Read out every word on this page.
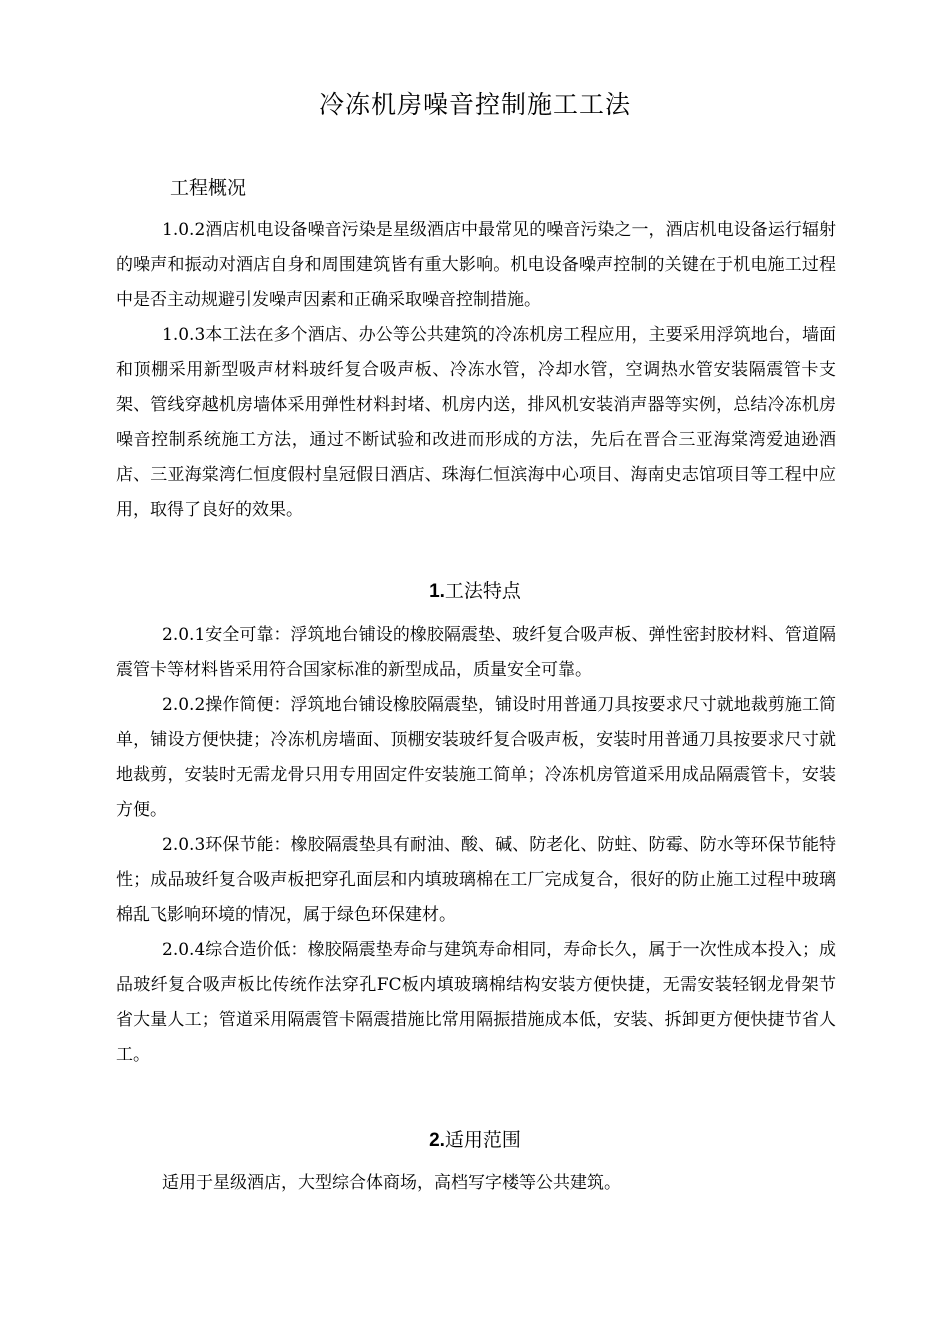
冷冻机房噪音控制施工工法
工程概况

1.0.2酒店机电设备噪音污染是星级酒店中最常见的噪音污染之一，酒店机电设备运行辐射的噪声和振动对酒店自身和周围建筑皆有重大影响。机电设备噪声控制的关键在于机电施工过程中是否主动规避引发噪声因素和正确采取噪音控制措施。

1.0.3本工法在多个酒店、办公等公共建筑的冷冻机房工程应用，主要采用浮筑地台，墙面和顶棚采用新型吸声材料玻纤复合吸声板、冷冻水管，冷却水管，空调热水管安装隔震管卡支架、管线穿越机房墙体采用弹性材料封堵、机房内送，排风机安装消声器等实例，总结冷冻机房噪音控制系统施工方法，通过不断试验和改进而形成的方法，先后在晋合三亚海棠湾爱迪逊酒店、三亚海棠湾仁恒度假村皇冠假日酒店、珠海仁恒滨海中心项目、海南史志馆项目等工程中应用，取得了良好的效果。

1.工法特点

2.0.1安全可靠：浮筑地台铺设的橡胶隔震垫、玻纤复合吸声板、弹性密封胶材料、管道隔震管卡等材料皆采用符合国家标准的新型成品，质量安全可靠。

2.0.2操作简便：浮筑地台铺设橡胶隔震垫，铺设时用普通刀具按要求尺寸就地裁剪施工简单，铺设方便快捷；冷冻机房墙面、顶棚安装玻纤复合吸声板，安装时用普通刀具按要求尺寸就地裁剪，安装时无需龙骨只用专用固定件安装施工简单；冷冻机房管道采用成品隔震管卡，安装方便。

2.0.3环保节能：橡胶隔震垫具有耐油、酸、碱、防老化、防蛀、防霉、防水等环保节能特性；成品玻纤复合吸声板把穿孔面层和内填玻璃棉在工厂完成复合，很好的防止施工过程中玻璃棉乱飞影响环境的情况，属于绿色环保建材。

2.0.4综合造价低：橡胶隔震垫寿命与建筑寿命相同，寿命长久，属于一次性成本投入；成品玻纤复合吸声板比传统作法穿孔FC板内填玻璃棉结构安装方便快捷，无需安装轻钢龙骨架节省大量人工；管道采用隔震管卡隔震措施比常用隔振措施成本低，安装、拆卸更方便快捷节省人工。

2.适用范围

适用于星级酒店，大型综合体商场，高档写字楼等公共建筑。
